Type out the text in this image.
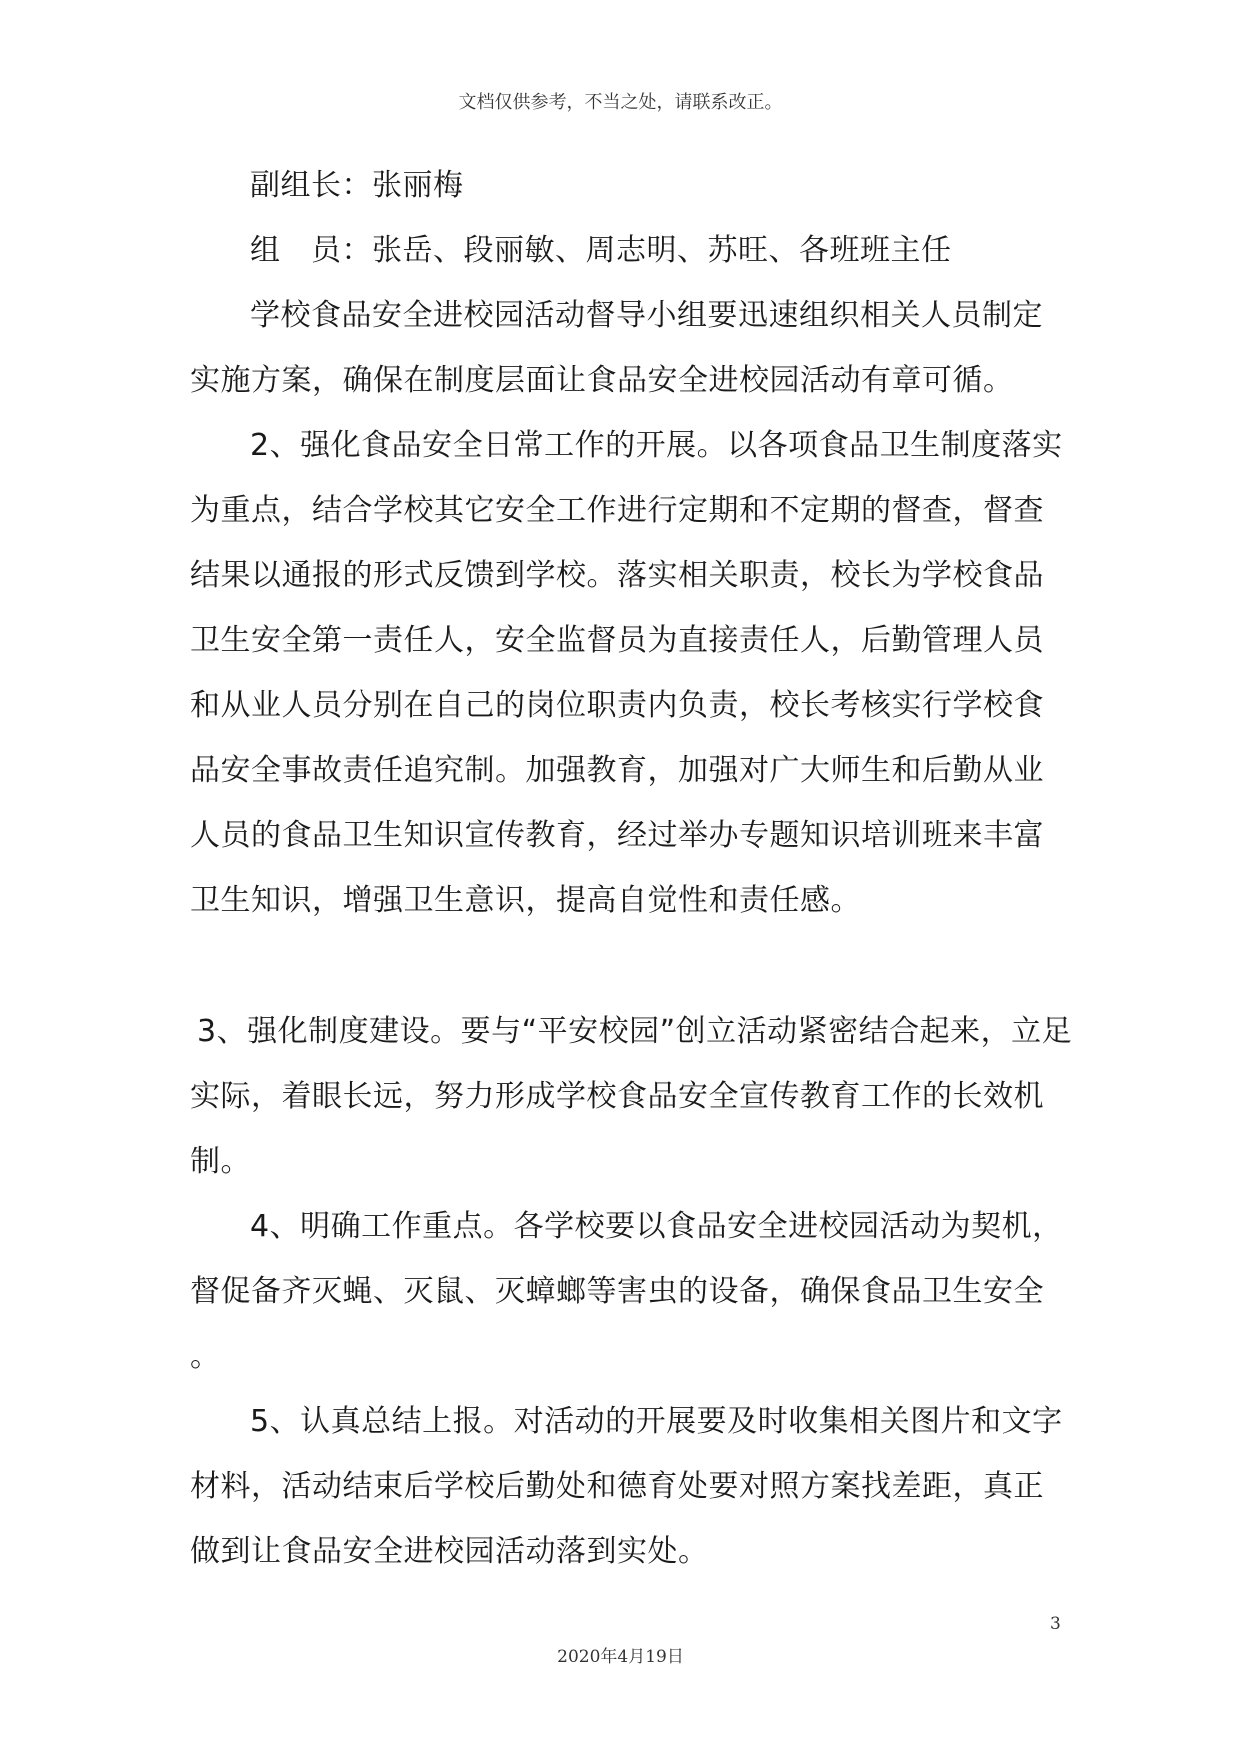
文档仅供参考，不当之处，请联系改正。
副组长：张丽梅
组　员：张岳、段丽敏、周志明、苏旺、各班班主任
学校食品安全进校园活动督导小组要迅速组织相关人员制定
实施方案，确保在制度层面让食品安全进校园活动有章可循。
2、强化食品安全日常工作的开展。以各项食品卫生制度落实
为重点，结合学校其它安全工作进行定期和不定期的督查，督查
结果以通报的形式反馈到学校。落实相关职责，校长为学校食品
卫生安全第一责任人，安全监督员为直接责任人，后勤管理人员
和从业人员分别在自己的岗位职责内负责，校长考核实行学校食
品安全事故责任追究制。加强教育，加强对广大师生和后勤从业
人员的食品卫生知识宣传教育，经过举办专题知识培训班来丰富
卫生知识，增强卫生意识，提高自觉性和责任感。
3、强化制度建设。要与“平安校园”创立活动紧密结合起来，立足
实际，着眼长远，努力形成学校食品安全宣传教育工作的长效机
制。
4、明确工作重点。各学校要以食品安全进校园活动为契机，
督促备齐灭蝇、灭鼠、灭蟑螂等害虫的设备，确保食品卫生安全
。
5、认真总结上报。对活动的开展要及时收集相关图片和文字
材料，活动结束后学校后勤处和德育处要对照方案找差距，真正
做到让食品安全进校园活动落到实处。
3
2020年4月19日
